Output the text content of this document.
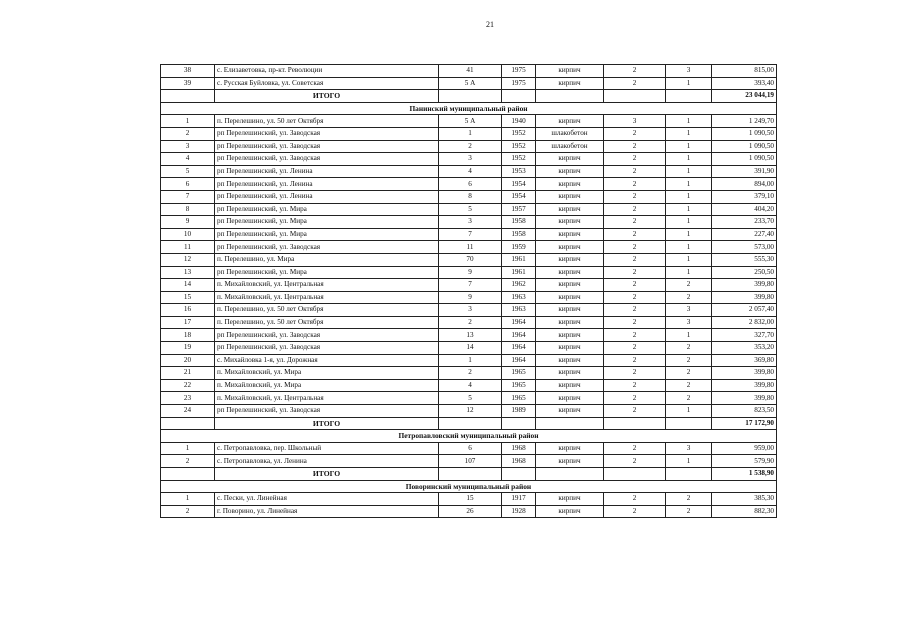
21
38	с. Елизаветовка, пр-кт. Революции	41	1975	кирпич	2	3	815,00
39	с. Русская Буйловка, ул. Советская	5 А	1975	кирпич	2	1	393,40
	ИТОГО						23 044,19
Панинский муниципальный район							
1	п. Перелешино, ул. 50 лет Октября	5 А	1940	кирпич	3	1	1 249,70
2	рп Перелешинский, ул. Заводская	1	1952	шлакобетон	2	1	1 090,50
3	рп Перелешинский, ул. Заводская	2	1952	шлакобетон	2	1	1 090,50
4	рп Перелешинский, ул. Заводская	3	1952	кирпич	2	1	1 090,50
5	рп Перелешинский, ул. Ленина	4	1953	кирпич	2	1	391,90
6	рп Перелешинский, ул. Ленина	6	1954	кирпич	2	1	894,00
7	рп Перелешинский, ул. Ленина	8	1954	кирпич	2	1	379,10
8	рп Перелешинский, ул. Мира	5	1957	кирпич	2	1	404,20
9	рп Перелешинский, ул. Мира	3	1958	кирпич	2	1	233,70
10	рп Перелешинский, ул. Мира	7	1958	кирпич	2	1	227,40
11	рп Перелешинский, ул. Заводская	11	1959	кирпич	2	1	573,00
12	п. Перелешино, ул. Мира	70	1961	кирпич	2	1	555,30
13	рп Перелешинский, ул. Мира	9	1961	кирпич	2	1	250,50
14	п. Михайловский, ул. Центральная	7	1962	кирпич	2	2	399,80
15	п. Михайловский, ул. Центральная	9	1963	кирпич	2	2	399,80
16	п. Перелешино, ул. 50 лет Октября	3	1963	кирпич	2	3	2 057,40
17	п. Перелешино, ул. 50 лет Октября	2	1964	кирпич	2	3	2 832,00
18	рп Перелешинский, ул. Заводская	13	1964	кирпич	2	1	327,70
19	рп Перелешинский, ул. Заводская	14	1964	кирпич	2	2	353,20
20	с. Михайловка 1-я, ул. Дорожная	1	1964	кирпич	2	2	369,80
21	п. Михайловский, ул. Мира	2	1965	кирпич	2	2	399,80
22	п. Михайловский, ул. Мира	4	1965	кирпич	2	2	399,80
23	п. Михайловский, ул. Центральная	5	1965	кирпич	2	2	399,80
24	рп Перелешинский, ул. Заводская	12	1989	кирпич	2	1	823,50
	ИТОГО						17 172,90
Петропавловский муниципальный район							
1	с. Петропавловка, пер. Школьный	6	1968	кирпич	2	3	959,00
2	с. Петропавловка, ул. Ленина	107	1968	кирпич	2	1	579,90
	ИТОГО						1 538,90
Поворинский муниципальный район							
1	с. Пески, ул. Линейная	15	1917	кирпич	2	2	385,30
2	г. Поворино, ул. Линейная	26	1928	кирпич	2	2	882,30
